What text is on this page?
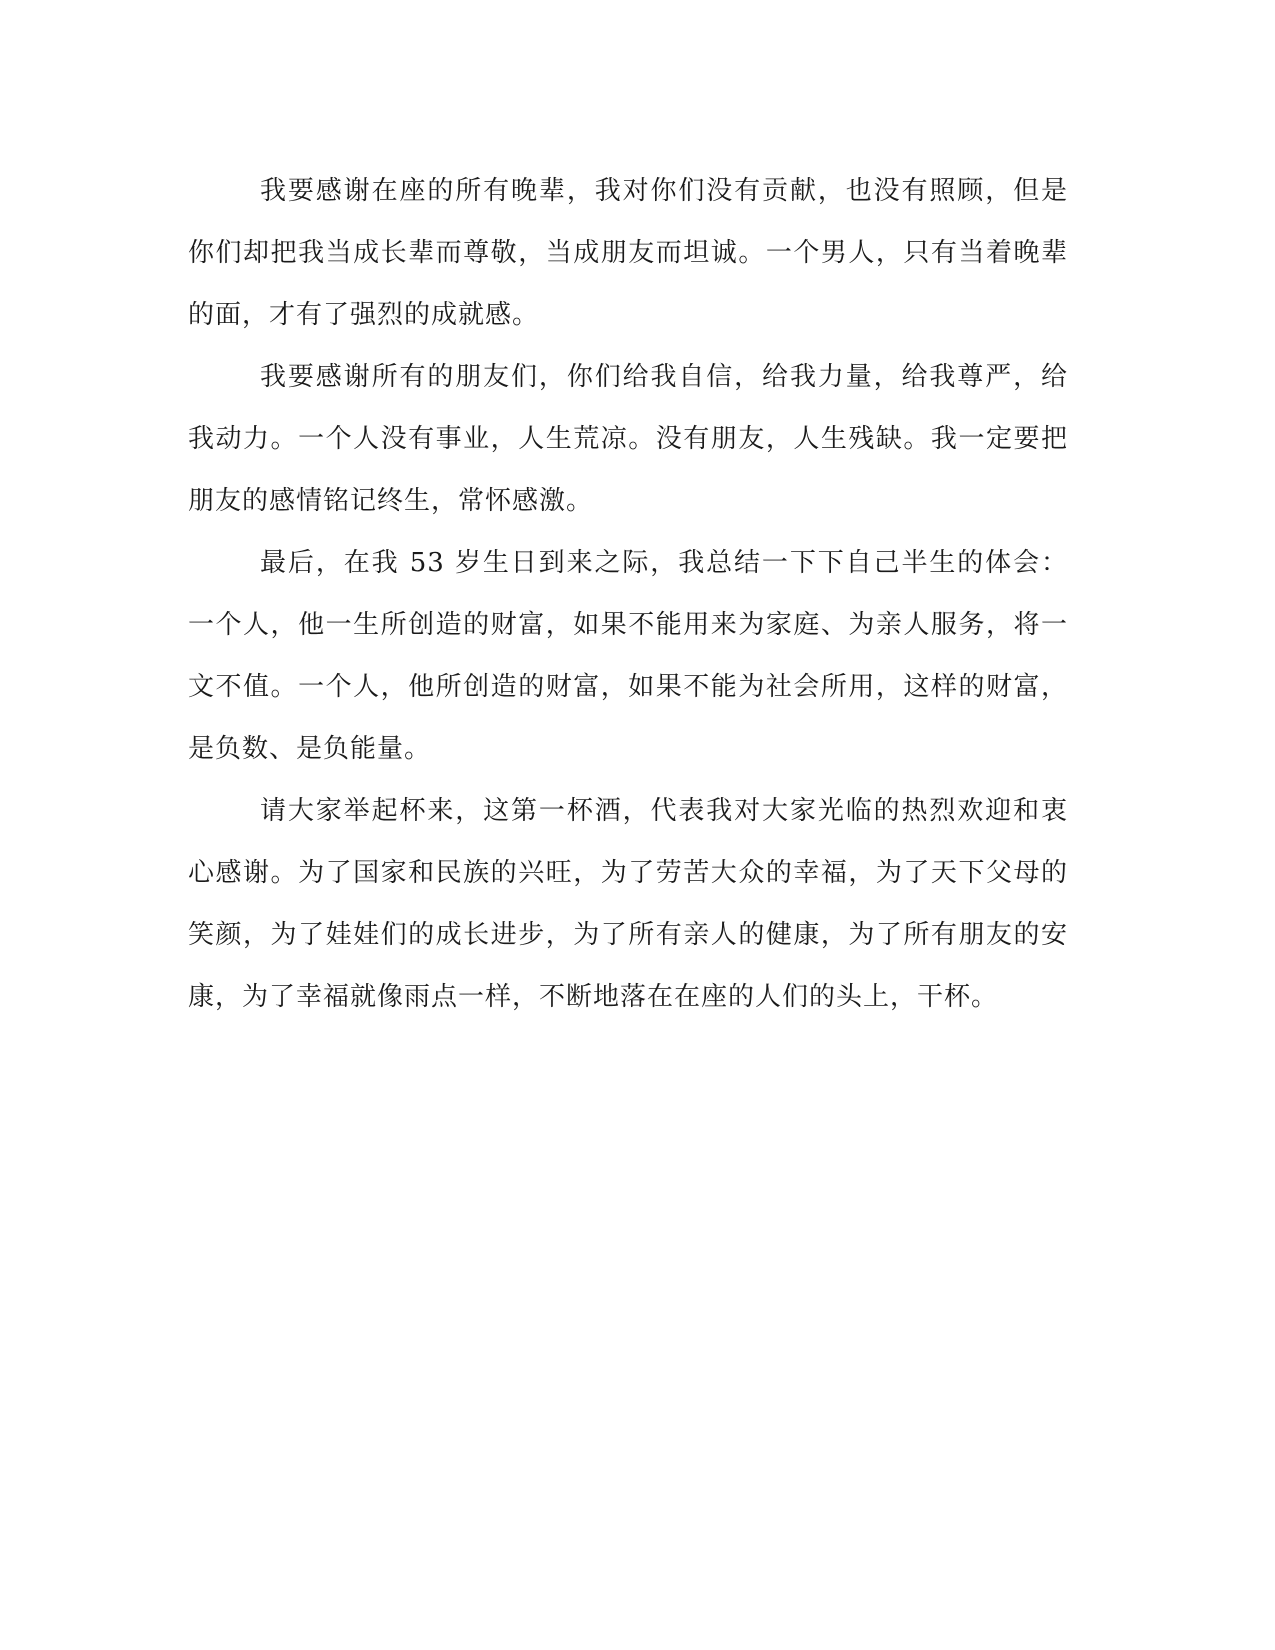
我要感谢在座的所有晚辈，我对你们没有贡献，也没有照顾，但是你们却把我当成长辈而尊敬，当成朋友而坦诚。一个男人，只有当着晚辈的面，才有了强烈的成就感。

我要感谢所有的朋友们，你们给我自信，给我力量，给我尊严，给我动力。一个人没有事业，人生荒凉。没有朋友，人生残缺。我一定要把朋友的感情铭记终生，常怀感激。

最后，在我 53 岁生日到来之际，我总结一下下自己半生的体会：一个人，他一生所创造的财富，如果不能用来为家庭、为亲人服务，将一文不值。一个人，他所创造的财富，如果不能为社会所用，这样的财富，是负数、是负能量。

请大家举起杯来，这第一杯酒，代表我对大家光临的热烈欢迎和衷心感谢。为了国家和民族的兴旺，为了劳苦大众的幸福，为了天下父母的笑颜，为了娃娃们的成长进步，为了所有亲人的健康，为了所有朋友的安康，为了幸福就像雨点一样，不断地落在在座的人们的头上，干杯。
